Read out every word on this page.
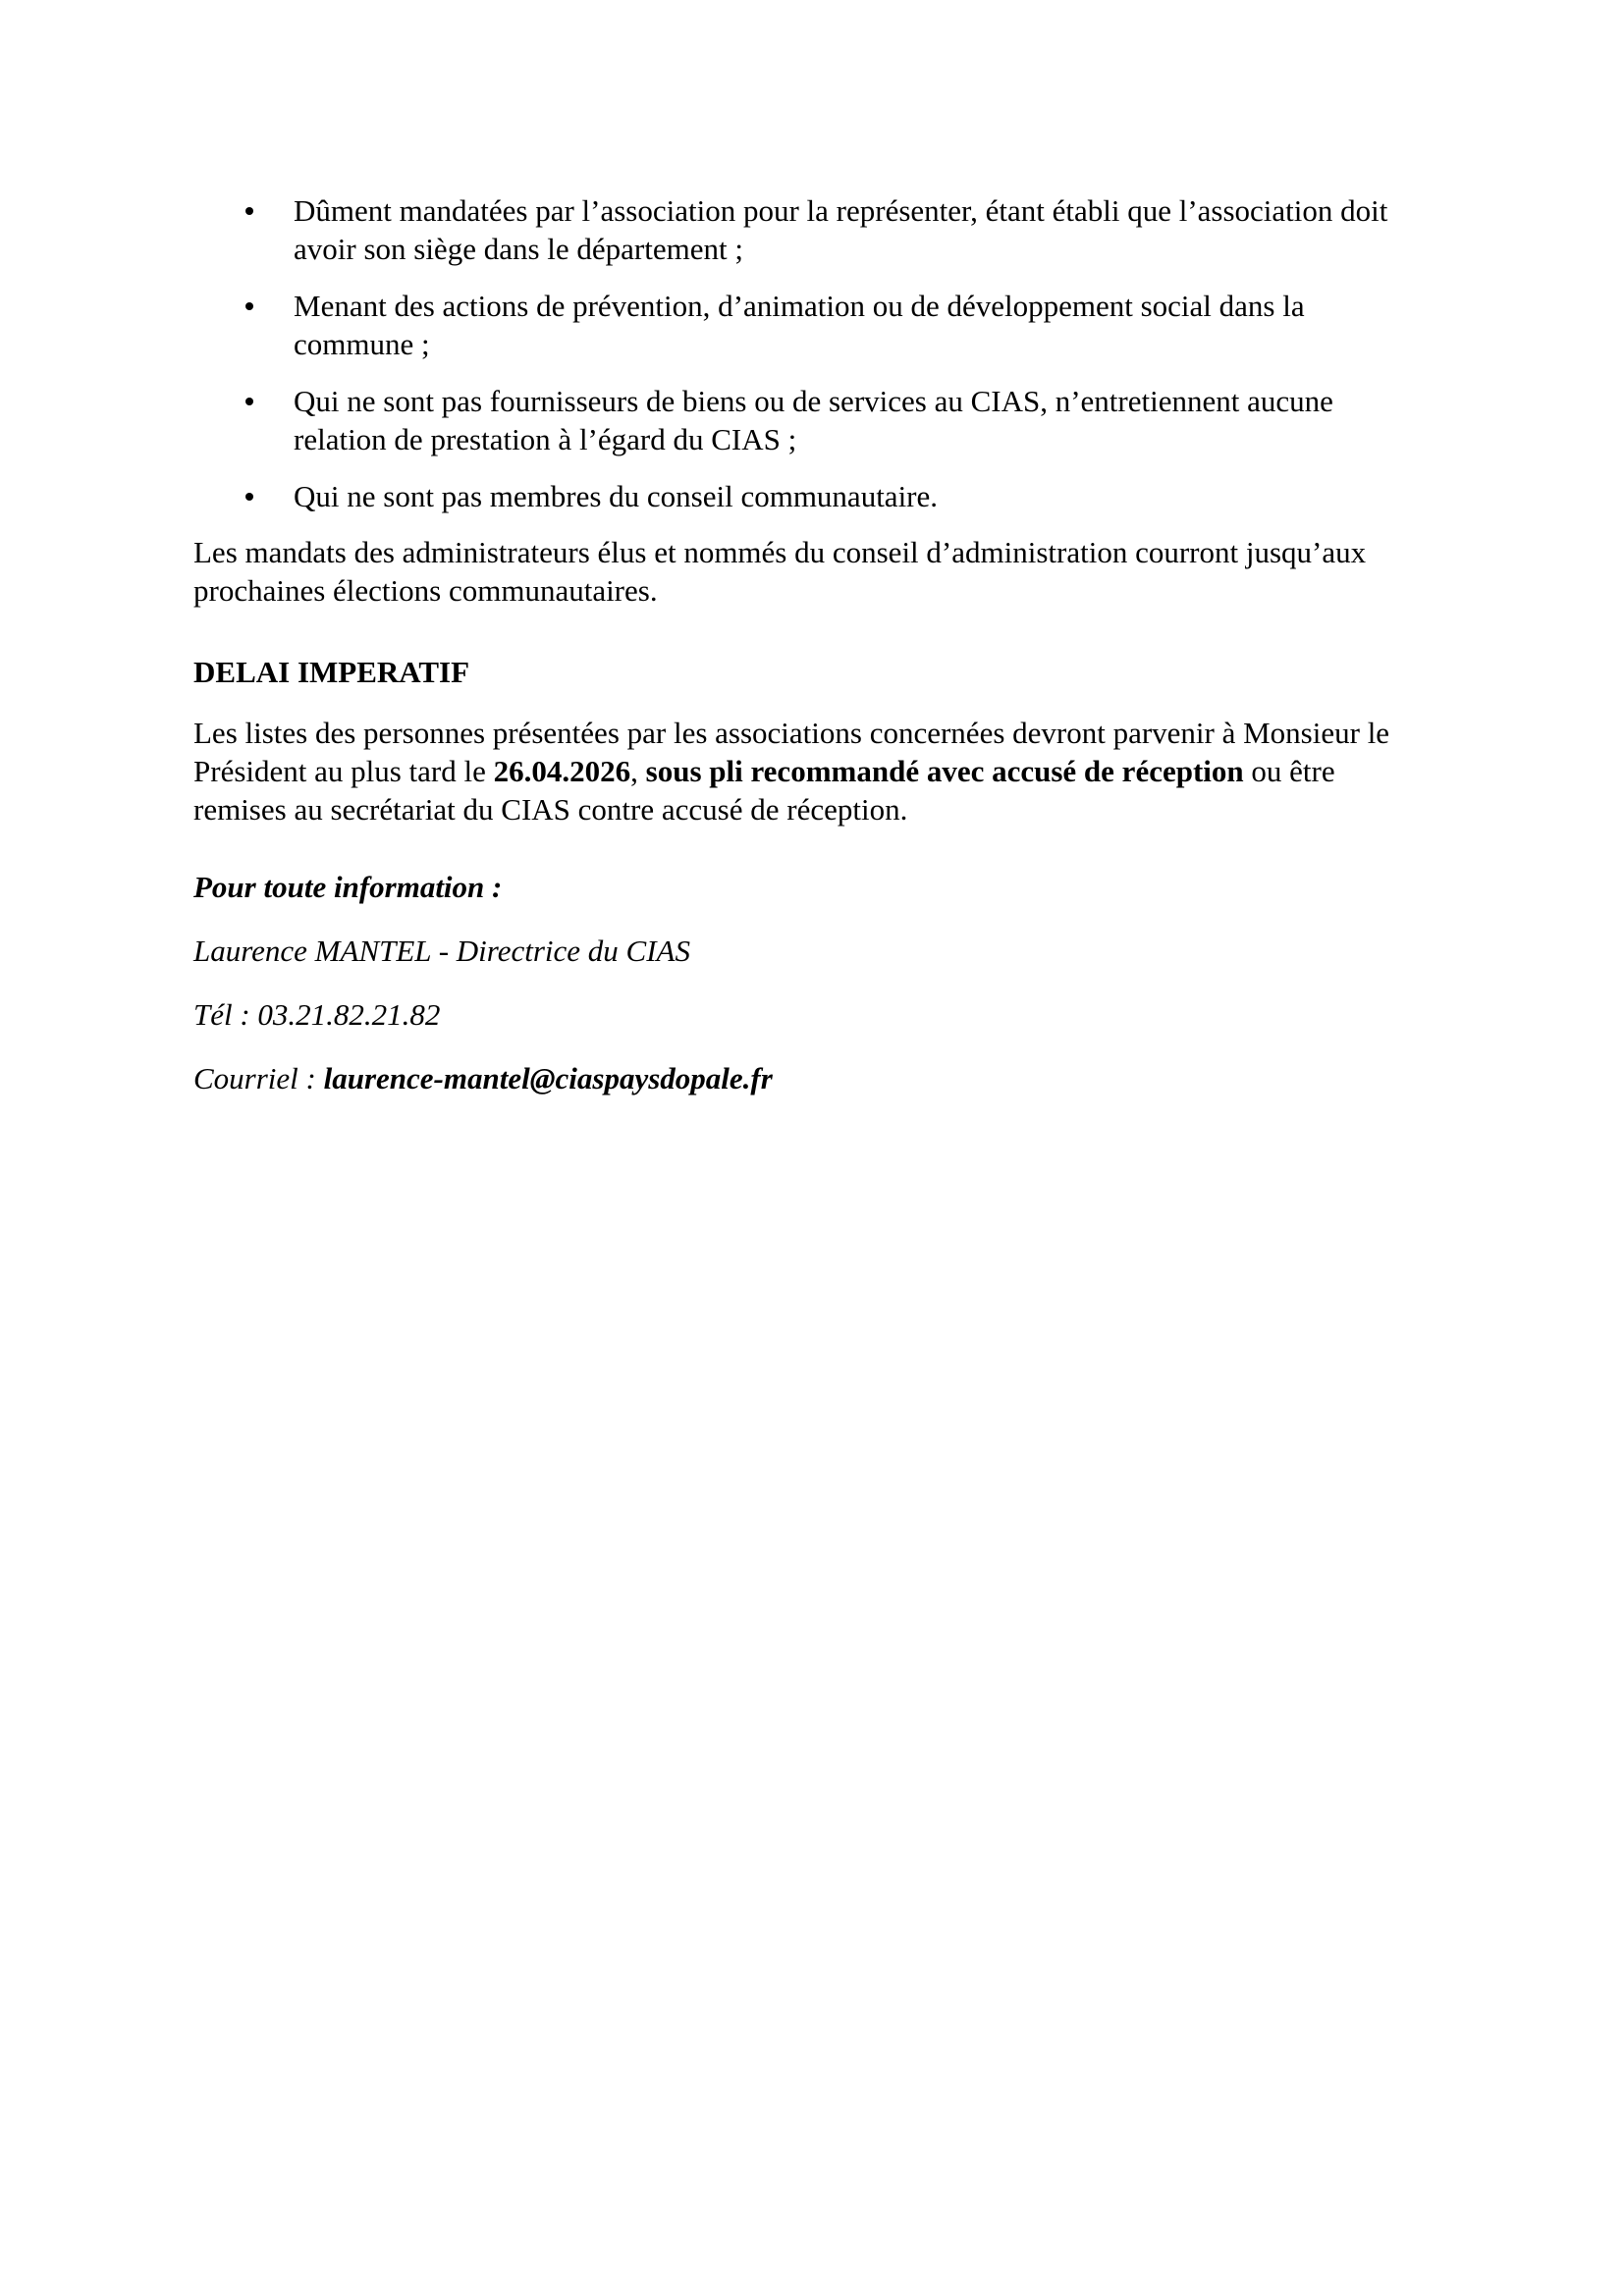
Dûment mandatées par l’association pour la représenter, étant établi que l’association doit avoir son siège dans le département ;
Menant des actions de prévention, d’animation ou de développement social dans la commune ;
Qui ne sont pas fournisseurs de biens ou de services au CIAS, n’entretiennent aucune relation de prestation à l’égard du CIAS ;
Qui ne sont pas membres du conseil communautaire.

Les mandats des administrateurs élus et nommés du conseil d’administration courront jusqu’aux prochaines élections communautaires.

DELAI IMPERATIF

Les listes des personnes présentées par les associations concernées devront parvenir à Monsieur le Président au plus tard le 26.04.2026, sous pli recommandé avec accusé de réception ou être remises au secrétariat du CIAS contre accusé de réception.

Pour toute information :

Laurence MANTEL - Directrice du CIAS

Tél : 03.21.82.21.82

Courriel : laurence-mantel@ciaspaysdopale.fr
